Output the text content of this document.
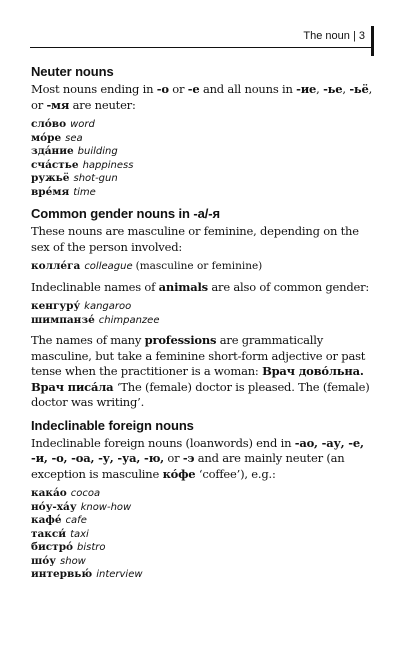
The noun | 3
Neuter nouns

Most nouns ending in -о or -е and all nouns in -ие, -ье, -ьё, or -мя are neuter:

сло́во word
мо́ре sea
зда́ние building
сча́стье happiness
ружьё shot-gun
вре́мя time
Common gender nouns in -а/-я

These nouns are masculine or feminine, depending on the sex of the person involved:

колле́га colleague (masculine or feminine)

Indeclinable names of animals are also of common gender:

кенгуру́ kangaroo
шимпанзе́ chimpanzee

The names of many professions are grammatically masculine, but take a feminine short-form adjective or past tense when the practitioner is a woman: Врач дово́льна. Врач писа́ла ‘The (female) doctor is pleased. The (female) doctor was writing’.

Indeclinable foreign nouns

Indeclinable foreign nouns (loanwords) end in -ао, -ау, -е, -и, -о, -оа, -у, -уа, -ю, or -э and are mainly neuter (an exception is masculine ко́фе ‘coffee’), e.g.:

кака́о cocoa
но́у-ха́у know-how
кафе́ cafe
такси́ taxi
бистро́ bistro
шо́у show
интервью́ interview
